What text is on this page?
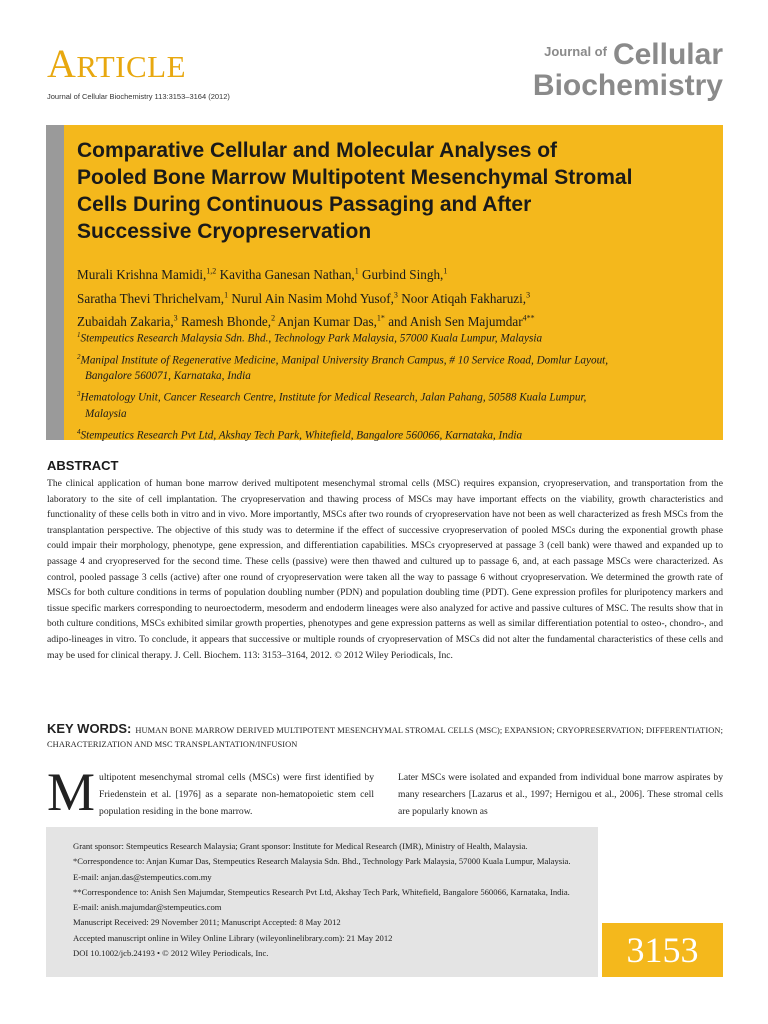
ARTICLE
Journal of Cellular Biochemistry 113:3153–3164 (2012)
$^{Journal of}$ Cellular
Biochemistry
Comparative Cellular and Molecular Analyses of
Pooled Bone Marrow Multipotent Mesenchymal Stromal
Cells During Continuous Passaging and After
Successive Cryopreservation
Murali Krishna Mamidi,$^{1,2}$ Kavitha Ganesan Nathan,$^1$ Gurbind Singh,$^1$
Saratha Thevi Thrichelvam,$^1$ Nurul Ain Nasim Mohd Yusof,$^3$ Noor Atiqah Fakharuzi,$^3$
Zubaidah Zakaria,$^3$ Ramesh Bhonde,$^2$ Anjan Kumar Das,$^{1*}$ and Anish Sen Majumdar$^{4**}$
$^1$Stempeutics Research Malaysia Sdn. Bhd., Technology Park Malaysia, 57000 Kuala Lumpur, Malaysia
$^2$Manipal Institute of Regenerative Medicine, Manipal University Branch Campus, # 10 Service Road, Domlur Layout,
Bangalore 560071, Karnataka, India
$^3$Hematology Unit, Cancer Research Centre, Institute for Medical Research, Jalan Pahang, 50588 Kuala Lumpur,
Malaysia
$^4$Stempeutics Research Pvt Ltd, Akshay Tech Park, Whitefield, Bangalore 560066, Karnataka, India
ABSTRACT
The clinical application of human bone marrow derived multipotent mesenchymal stromal cells (MSC) requires expansion, cryopreservation, and transportation from the laboratory to the site of cell implantation. The cryopreservation and thawing process of MSCs may have important effects on the viability, growth characteristics and functionality of these cells both in vitro and in vivo. More importantly, MSCs after two rounds of cryopreservation have not been as well characterized as fresh MSCs from the transplantation perspective. The objective of this study was to determine if the effect of successive cryopreservation of pooled MSCs during the exponential growth phase could impair their morphology, phenotype, gene expression, and differentiation capabilities. MSCs cryopreserved at passage 3 (cell bank) were thawed and expanded up to passage 4 and cryopreserved for the second time. These cells (passive) were then thawed and cultured up to passage 6, and, at each passage MSCs were characterized. As control, pooled passage 3 cells (active) after one round of cryopreservation were taken all the way to passage 6 without cryopreservation. We determined the growth rate of MSCs for both culture conditions in terms of population doubling number (PDN) and population doubling time (PDT). Gene expression profiles for pluripotency markers and tissue specific markers corresponding to neuroectoderm, mesoderm and endoderm lineages were also analyzed for active and passive cultures of MSC. The results show that in both culture conditions, MSCs exhibited similar growth properties, phenotypes and gene expression patterns as well as similar differentiation potential to osteo-, chondro-, and adipo-lineages in vitro. To conclude, it appears that successive or multiple rounds of cryopreservation of MSCs did not alter the fundamental characteristics of these cells and may be used for clinical therapy. J. Cell. Biochem. 113: 3153–3164, 2012. © 2012 Wiley Periodicals, Inc.
KEY WORDS: HUMAN BONE MARROW DERIVED MULTIPOTENT MESENCHYMAL STROMAL CELLS (MSC); EXPANSION; CRYOPRESERVATION; DIFFERENTIATION; CHARACTERIZATION AND MSC TRANSPLANTATION/INFUSION
Multipotent mesenchymal stromal cells (MSCs) were first identified by Friedenstein et al. [1976] as a separate non-hematopoietic stem cell population residing in the bone marrow.
Later MSCs were isolated and expanded from individual bone marrow aspirates by many researchers [Lazarus et al., 1997; Hernigou et al., 2006]. These stromal cells are popularly known as
Grant sponsor: Stempeutics Research Malaysia; Grant sponsor: Institute for Medical Research (IMR), Ministry of Health, Malaysia.
*Correspondence to: Anjan Kumar Das, Stempeutics Research Malaysia Sdn. Bhd., Technology Park Malaysia, 57000 Kuala Lumpur, Malaysia. E-mail: anjan.das@stempeutics.com.my
**Correspondence to: Anish Sen Majumdar, Stempeutics Research Pvt Ltd, Akshay Tech Park, Whitefield, Bangalore 560066, Karnataka, India. E-mail: anish.majumdar@stempeutics.com
Manuscript Received: 29 November 2011; Manuscript Accepted: 8 May 2012
Accepted manuscript online in Wiley Online Library (wileyonlinelibrary.com): 21 May 2012
DOI 10.1002/jcb.24193 • © 2012 Wiley Periodicals, Inc.	3153
